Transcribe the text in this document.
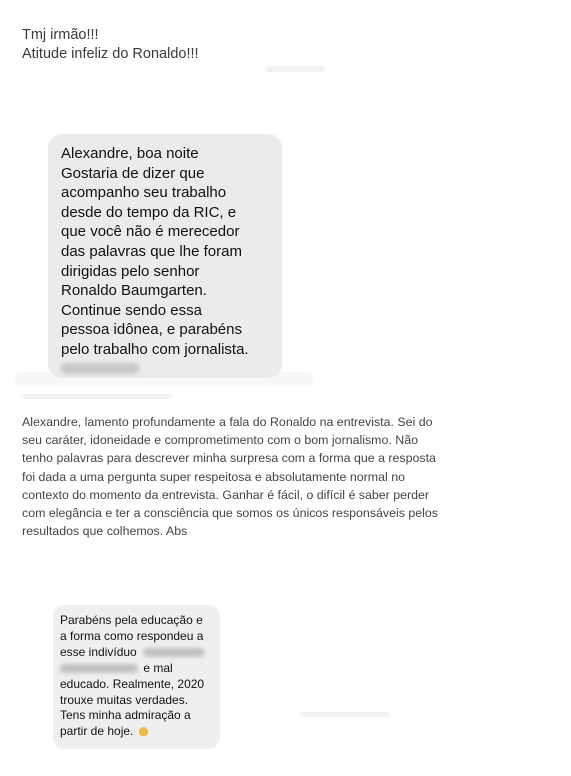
Tmj irmão!!!
Atitude infeliz do Ronaldo!!!
Alexandre, boa noite
Gostaria de dizer que
acompanho seu trabalho
desde do tempo da RIC, e
que você não é merecedor
das palavras que lhe foram
dirigidas pelo senhor
Ronaldo Baumgarten.
Continue sendo essa
pessoa idônea, e parabéns
pelo trabalho com jornalista.
Alexandre, lamento profundamente a fala do Ronaldo na entrevista. Sei do
seu caráter, idoneidade e comprometimento com o bom jornalismo. Não
tenho palavras para descrever minha surpresa com a forma que a resposta
foi dada a uma pergunta super respeitosa e absolutamente normal no
contexto do momento da entrevista. Ganhar é fácil, o difícil é saber perder
com elegância e ter a consciência que somos os únicos responsáveis pelos
resultados que colhemos. Abs
Parabéns pela educação e
a forma como respondeu a
esse indivíduo
e mal
educado. Realmente, 2020
trouxe muitas verdades.
Tens minha admiração a
partir de hoje.
